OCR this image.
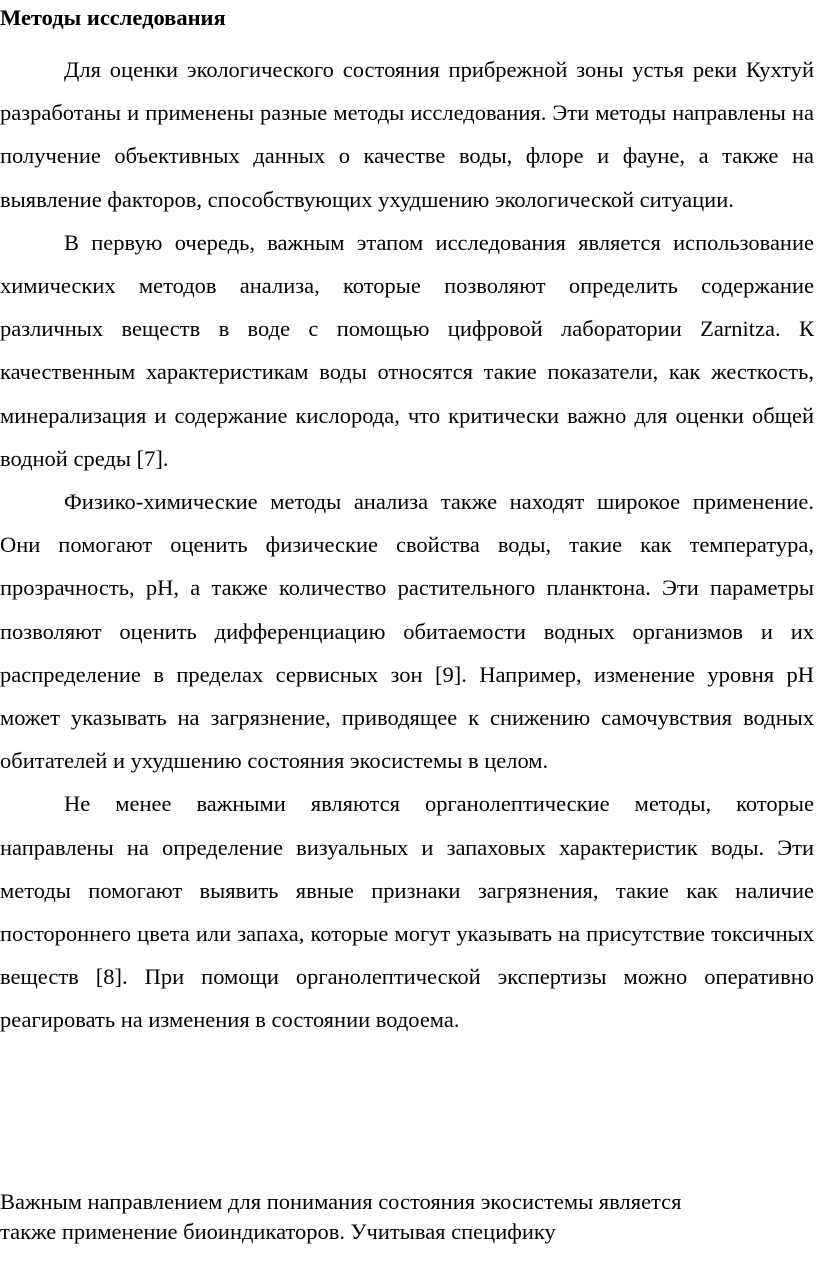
Методы исследования

Для оценки экологического состояния прибрежной зоны устья реки Кухтуй разработаны и применены разные методы исследования. Эти методы направлены на получение объективных данных о качестве воды, флоре и фауне, а также на выявление факторов, способствующих ухудшению экологической ситуации.

В первую очередь, важным этапом исследования является использование химических методов анализа, которые позволяют определить содержание различных веществ в воде с помощью цифровой лаборатории Zarnitza. К качественным характеристикам воды относятся такие показатели, как жесткость, минерализация и содержание кислорода, что критически важно для оценки общей водной среды [7].

Физико-химические методы анализа также находят широкое применение. Они помогают оценить физические свойства воды, такие как температура, прозрачность, pH, а также количество растительного планктона. Эти параметры позволяют оценить дифференциацию обитаемости водных организмов и их распределение в пределах сервисных зон [9]. Например, изменение уровня pH может указывать на загрязнение, приводящее к снижению самочувствия водных обитателей и ухудшению состояния экосистемы в целом.

Не менее важными являются органолептические методы, которые направлены на определение визуальных и запаховых характеристик воды. Эти методы помогают выявить явные признаки загрязнения, такие как наличие постороннего цвета или запаха, которые могут указывать на присутствие токсичных веществ [8]. При помощи органолептической экспертизы можно оперативно реагировать на изменения в состоянии водоема.

Важным направлением для понимания состояния экосистемы является
также применение биоиндикаторов. Учитывая специфику
